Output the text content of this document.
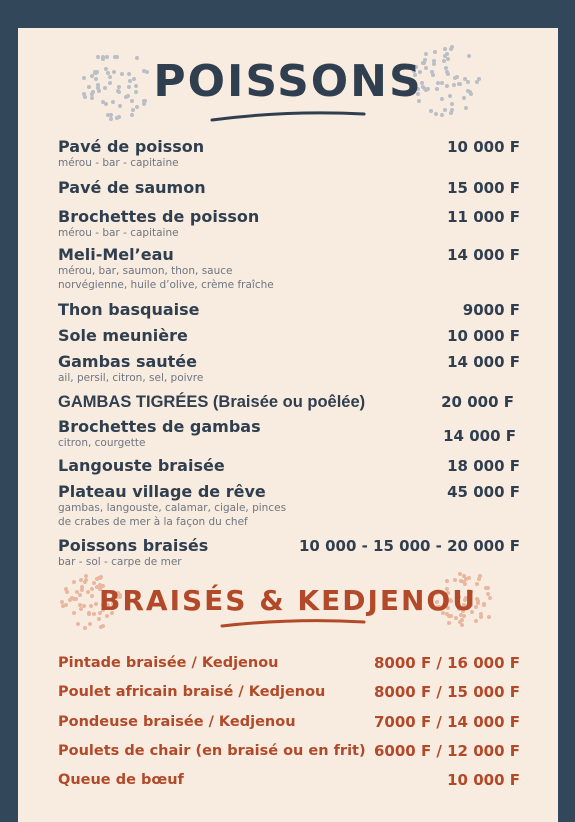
POISSONS
Pavé de poisson
mérou - bar - capitaine
10 000 F
Pavé de saumon	15 000 F
Brochettes de poisson
mérou - bar - capitaine
11 000 F
Meli-Mel’eau
mérou, bar, saumon, thon, sauce
norvégienne, huile d’olive, crème fraîche
14 000 F
Thon basquaise	9000 F
Sole meunière	10 000 F
Gambas sautée
ail, persil, citron, sel, poivre
14 000 F
GAMBAS TIGRÉES (Braisée ou poêlée)	20 000 F
Brochettes de gambas
citron, courgette	14 000 F
Langouste braisée	18 000 F
Plateau village de rêve
gambas, langouste, calamar, cigale, pinces
de crabes de mer à la façon du chef
45 000 F
Poissons braisés
bar - sol - carpe de mer
10 000 - 15 000 - 20 000 F
BRAISÉS & KEDJENOU
Pintade braisée / Kedjenou	8000 F / 16 000 F
Poulet africain braisé / Kedjenou	8000 F / 15 000 F
Pondeuse braisée / Kedjenou	7000 F / 14 000 F
Poulets de chair (en braisé ou en frit) 6000 F / 12 000 F
Queue de bœuf	10 000 F
